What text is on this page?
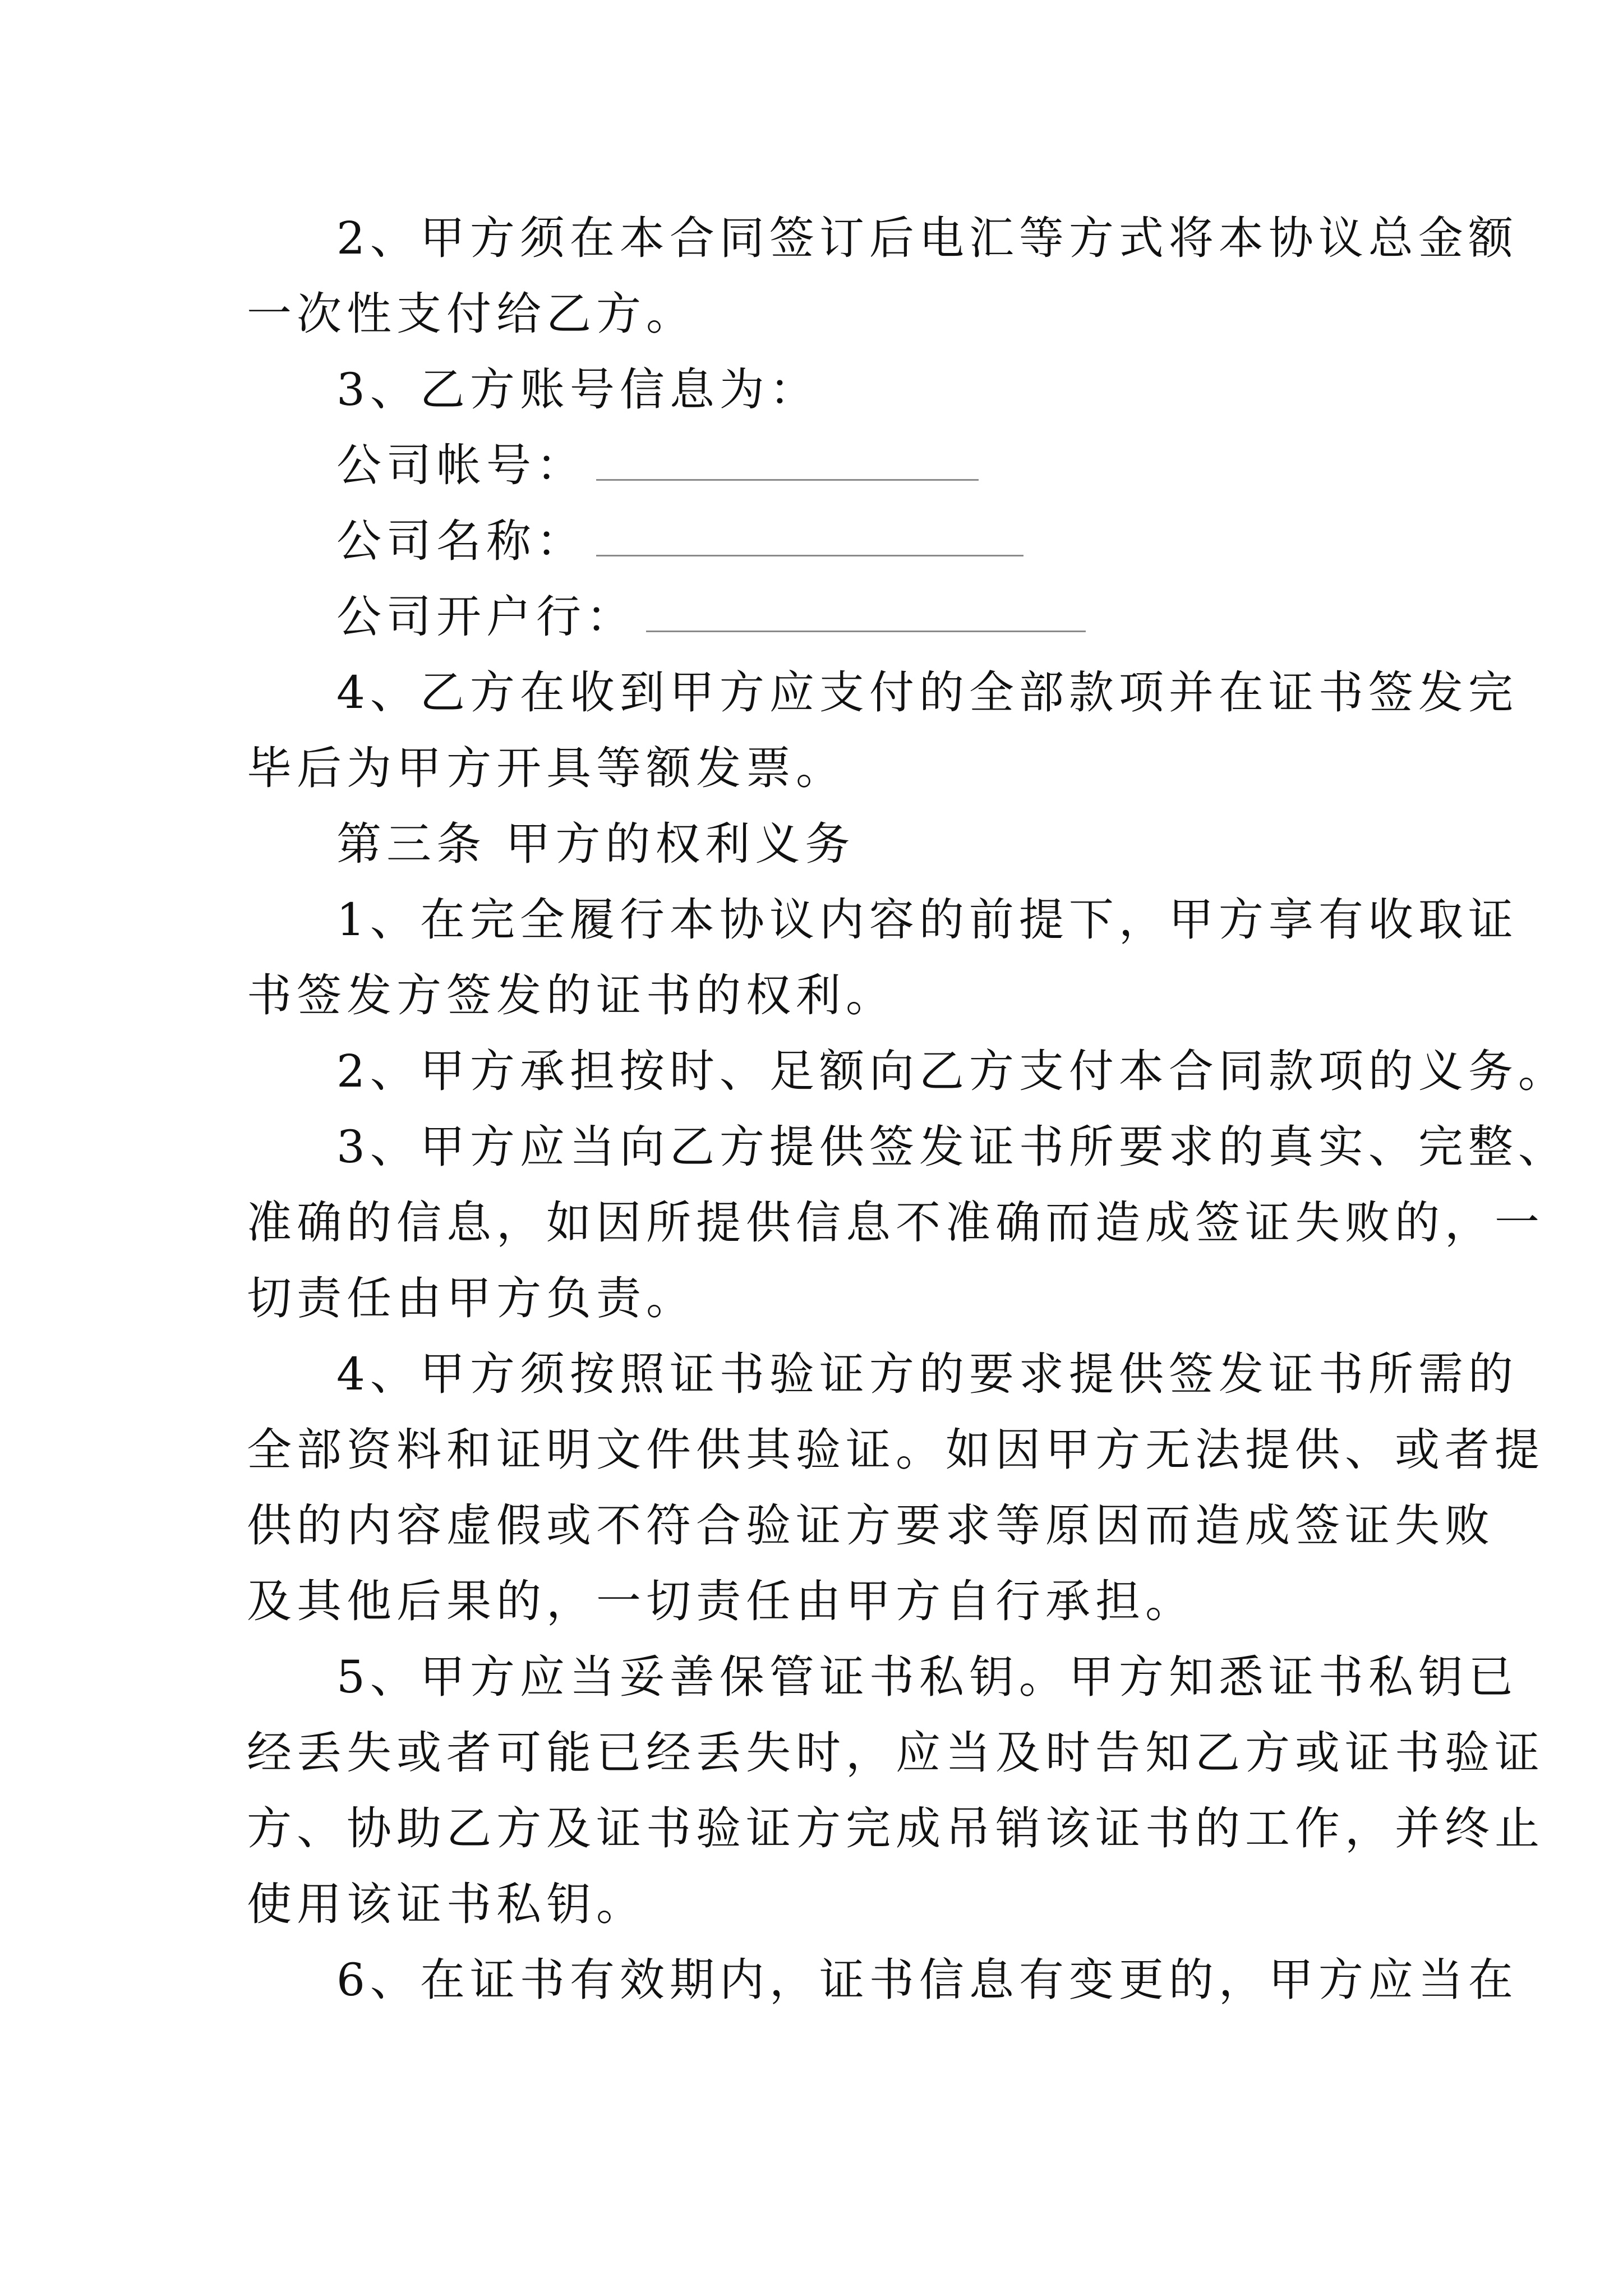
2、甲方须在本合同签订后电汇等方式将本协议总金额
一次性支付给乙方。
3、乙方账号信息为：
公司帐号：
公司名称：
公司开户行：
4、乙方在收到甲方应支付的全部款项并在证书签发完
毕后为甲方开具等额发票。
第三条 甲方的权利义务
1、在完全履行本协议内容的前提下，甲方享有收取证
书签发方签发的证书的权利。
2、甲方承担按时、足额向乙方支付本合同款项的义务。
3、甲方应当向乙方提供签发证书所要求的真实、完整、
准确的信息，如因所提供信息不准确而造成签证失败的，一
切责任由甲方负责。
4、甲方须按照证书验证方的要求提供签发证书所需的
全部资料和证明文件供其验证。如因甲方无法提供、或者提
供的内容虚假或不符合验证方要求等原因而造成签证失败
及其他后果的，一切责任由甲方自行承担。
5、甲方应当妥善保管证书私钥。甲方知悉证书私钥已
经丢失或者可能已经丢失时，应当及时告知乙方或证书验证
方、协助乙方及证书验证方完成吊销该证书的工作，并终止
使用该证书私钥。
6、在证书有效期内，证书信息有变更的，甲方应当在
